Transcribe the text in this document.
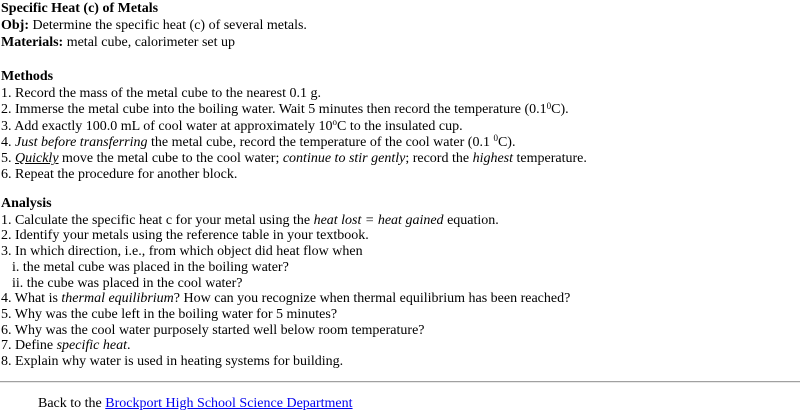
Specific Heat (c) of Metals

Obj: Determine the specific heat (c) of several metals.

Materials: metal cube, calorimeter set up

Methods

1. Record the mass of the metal cube to the nearest 0.1 g.
2. Immerse the metal cube into the boiling water. Wait 5 minutes then record the temperature $(0.1^0C)$.
3. Add exactly 100.0 mL of cool water at approximately 10$^o$C to the insulated cup.
4. Just before transferring the metal cube, record the temperature of the cool water (0.1 $^0$C).
5. Quickly move the metal cube to the cool water; continue to stir gently; record the highest temperature.
6. Repeat the procedure for another block.

Analysis

1. Calculate the specific heat c for your metal using the heat lost = heat gained equation.
2. Identify your metals using the reference table in your textbook.
3. In which direction, i.e., from which object did heat flow when
i. the metal cube was placed in the boiling water?
ii. the cube was placed in the cool water?
4. What is thermal equilibrium? How can you recognize when thermal equilibrium has been reached?
5. Why was the cube left in the boiling water for 5 minutes?
6. Why was the cool water purposely started well below room temperature?
7. Define specific heat.
8. Explain why water is used in heating systems for building.
Back to the Brockport High School Science Department
